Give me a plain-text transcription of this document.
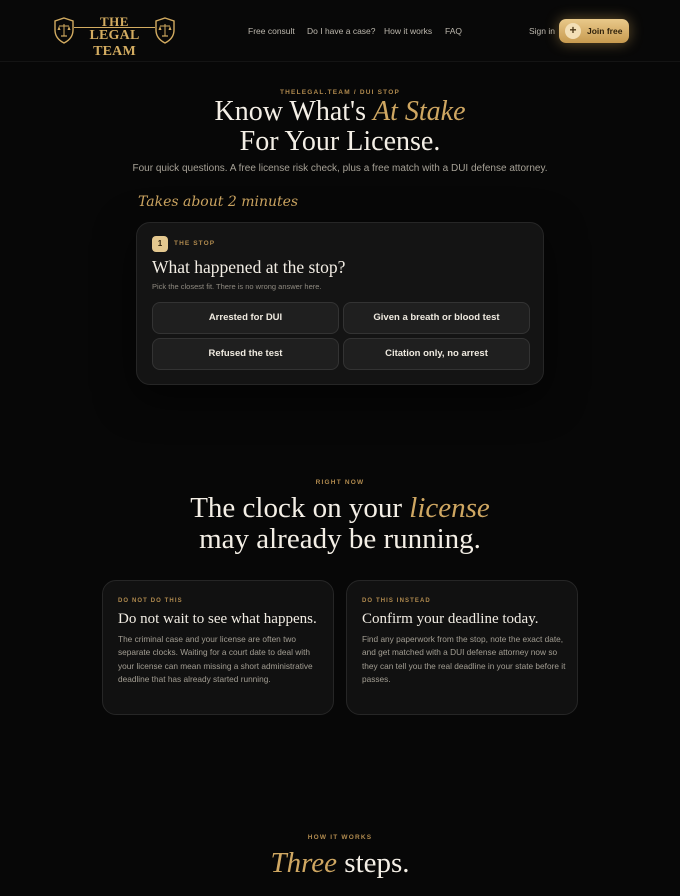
THE
LEGAL TEAM
Free consult Do I have a case? How it works FAQ	Sign in	+	Join free
THELEGAL.TEAM / DUI STOP
Know What's At Stake
For Your License.
Four quick questions. A free license risk check, plus a free match with a DUI defense attorney.
Takes about 2 minutes
1	THE STOP
What happened at the stop?
Pick the closest fit. There is no wrong answer here.
Arrested for DUI	Given a breath or blood test
Refused the test	Citation only, no arrest
RIGHT NOW
The clock on your license
may already be running.
DO NOT DO THIS
Do not wait to see what happens.
The criminal case and your license are often two separate clocks. Waiting for a court date to deal with your license can mean missing a short administrative deadline that has already started running.
DO THIS INSTEAD
Confirm your deadline today.
Find any paperwork from the stop, note the exact date, and get matched with a DUI defense attorney now so they can tell you the real deadline in your state before it passes.
HOW IT WORKS
Three steps.
